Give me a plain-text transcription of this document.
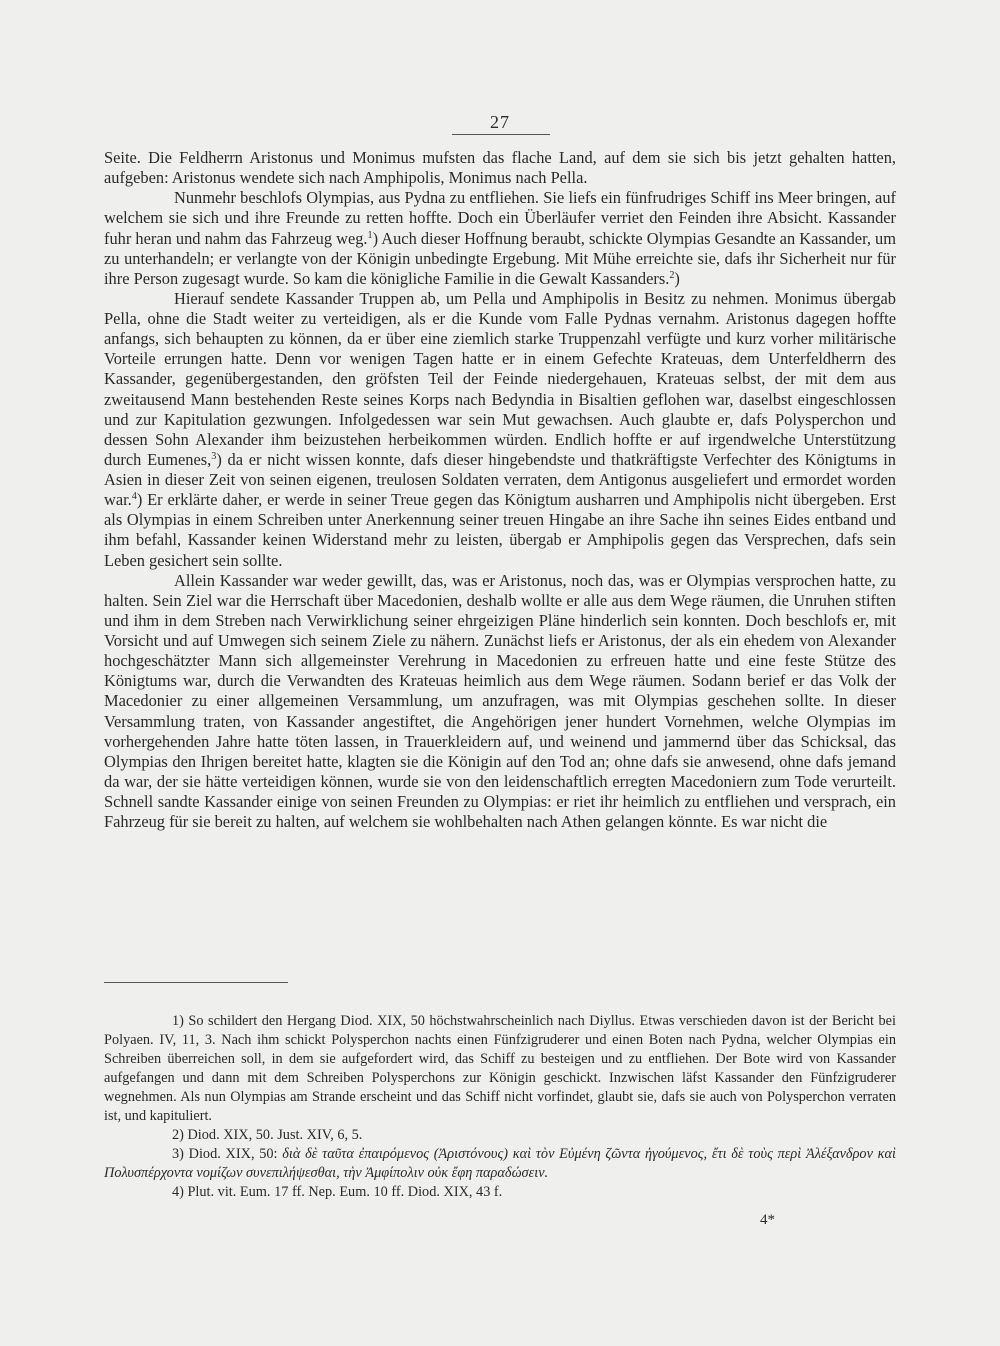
27

Seite. Die Feldherrn Aristonus und Monimus mufsten das flache Land, auf dem sie sich bis jetzt gehalten hatten, aufgeben: Aristonus wendete sich nach Amphipolis, Monimus nach Pella.

Nunmehr beschlofs Olympias, aus Pydna zu entfliehen. Sie liefs ein fünfrudriges Schiff ins Meer bringen, auf welchem sie sich und ihre Freunde zu retten hoffte. Doch ein Überläufer verriet den Feinden ihre Absicht. Kassander fuhr heran und nahm das Fahrzeug weg.$^1$) Auch dieser Hoffnung beraubt, schickte Olympias Gesandte an Kassander, um zu unterhandeln; er verlangte von der Königin unbedingte Ergebung. Mit Mühe erreichte sie, dafs ihr Sicherheit nur für ihre Person zugesagt wurde. So kam die königliche Familie in die Gewalt Kassanders.$^2$)

Hierauf sendete Kassander Truppen ab, um Pella und Amphipolis in Besitz zu nehmen. Monimus übergab Pella, ohne die Stadt weiter zu verteidigen, als er die Kunde vom Falle Pydnas vernahm. Aristonus dagegen hoffte anfangs, sich behaupten zu können, da er über eine ziemlich starke Truppenzahl verfügte und kurz vorher militärische Vorteile errungen hatte. Denn vor wenigen Tagen hatte er in einem Gefechte Krateuas, dem Unterfeldherrn des Kassander, gegenübergestanden, den gröfsten Teil der Feinde niedergehauen, Krateuas selbst, der mit dem aus zweitausend Mann bestehenden Reste seines Korps nach Bedyndia in Bisaltien geflohen war, daselbst eingeschlossen und zur Kapitulation gezwungen. Infolgedessen war sein Mut gewachsen. Auch glaubte er, dafs Polysperchon und dessen Sohn Alexander ihm beizustehen herbeikommen würden. Endlich hoffte er auf irgendwelche Unterstützung durch Eumenes,$^3$) da er nicht wissen konnte, dafs dieser hingebendste und thatkräftigste Verfechter des Königtums in Asien in dieser Zeit von seinen eigenen, treulosen Soldaten verraten, dem Antigonus ausgeliefert und ermordet worden war.$^4$) Er erklärte daher, er werde in seiner Treue gegen das Königtum ausharren und Amphipolis nicht übergeben. Erst als Olympias in einem Schreiben unter Anerkennung seiner treuen Hingabe an ihre Sache ihn seines Eides entband und ihm befahl, Kassander keinen Widerstand mehr zu leisten, übergab er Amphipolis gegen das Versprechen, dafs sein Leben gesichert sein sollte.

Allein Kassander war weder gewillt, das, was er Aristonus, noch das, was er Olympias versprochen hatte, zu halten. Sein Ziel war die Herrschaft über Macedonien, deshalb wollte er alle aus dem Wege räumen, die Unruhen stiften und ihm in dem Streben nach Verwirklichung seiner ehrgeizigen Pläne hinderlich sein konnten. Doch beschlofs er, mit Vorsicht und auf Umwegen sich seinem Ziele zu nähern. Zunächst liefs er Aristonus, der als ein ehedem von Alexander hochgeschätzter Mann sich allgemeinster Verehrung in Macedonien zu erfreuen hatte und eine feste Stütze des Königtums war, durch die Verwandten des Krateuas heimlich aus dem Wege räumen. Sodann berief er das Volk der Macedonier zu einer allgemeinen Versammlung, um anzufragen, was mit Olympias geschehen sollte. In dieser Versammlung traten, von Kassander angestiftet, die Angehörigen jener hundert Vornehmen, welche Olympias im vorhergehenden Jahre hatte töten lassen, in Trauerkleidern auf, und weinend und jammernd über das Schicksal, das Olympias den Ihrigen bereitet hatte, klagten sie die Königin auf den Tod an; ohne dafs sie anwesend, ohne dafs jemand da war, der sie hätte verteidigen können, wurde sie von den leidenschaftlich erregten Macedoniern zum Tode verurteilt. Schnell sandte Kassander einige von seinen Freunden zu Olympias: er riet ihr heimlich zu entfliehen und versprach, ein Fahrzeug für sie bereit zu halten, auf welchem sie wohlbehalten nach Athen gelangen könnte. Es war nicht die

1) So schildert den Hergang Diod. XIX, 50 höchstwahrscheinlich nach Diyllus. Etwas verschieden davon ist der Bericht bei Polyaen. IV, 11, 3. Nach ihm schickt Polysperchon nachts einen Fünfzigruderer und einen Boten nach Pydna, welcher Olympias ein Schreiben überreichen soll, in dem sie aufgefordert wird, das Schiff zu besteigen und zu entfliehen. Der Bote wird von Kassander aufgefangen und dann mit dem Schreiben Polysperchons zur Königin geschickt. Inzwischen läfst Kassander den Fünfzigruderer wegnehmen. Als nun Olympias am Strande erscheint und das Schiff nicht vorfindet, glaubt sie, dafs sie auch von Polysperchon verraten ist, und kapituliert.

2) Diod. XIX, 50. Just. XIV, 6, 5.

3) Diod. XIX, 50: διὰ δὲ ταῦτα ἐπαιρόμενος (Ἀριστόνους) καὶ τὸν Εὐμένη ζῶντα ἡγούμενος, ἔτι δὲ τοὺς περὶ Ἀλέξανδρον καὶ Πολυσπέρχοντα νομίζων συνεπιλήψεσθαι, τὴν Ἀμφίπολιν οὐκ ἔφη παραδώσειν.

4) Plut. vit. Eum. 17 ff. Nep. Eum. 10 ff. Diod. XIX, 43 f.

4*
